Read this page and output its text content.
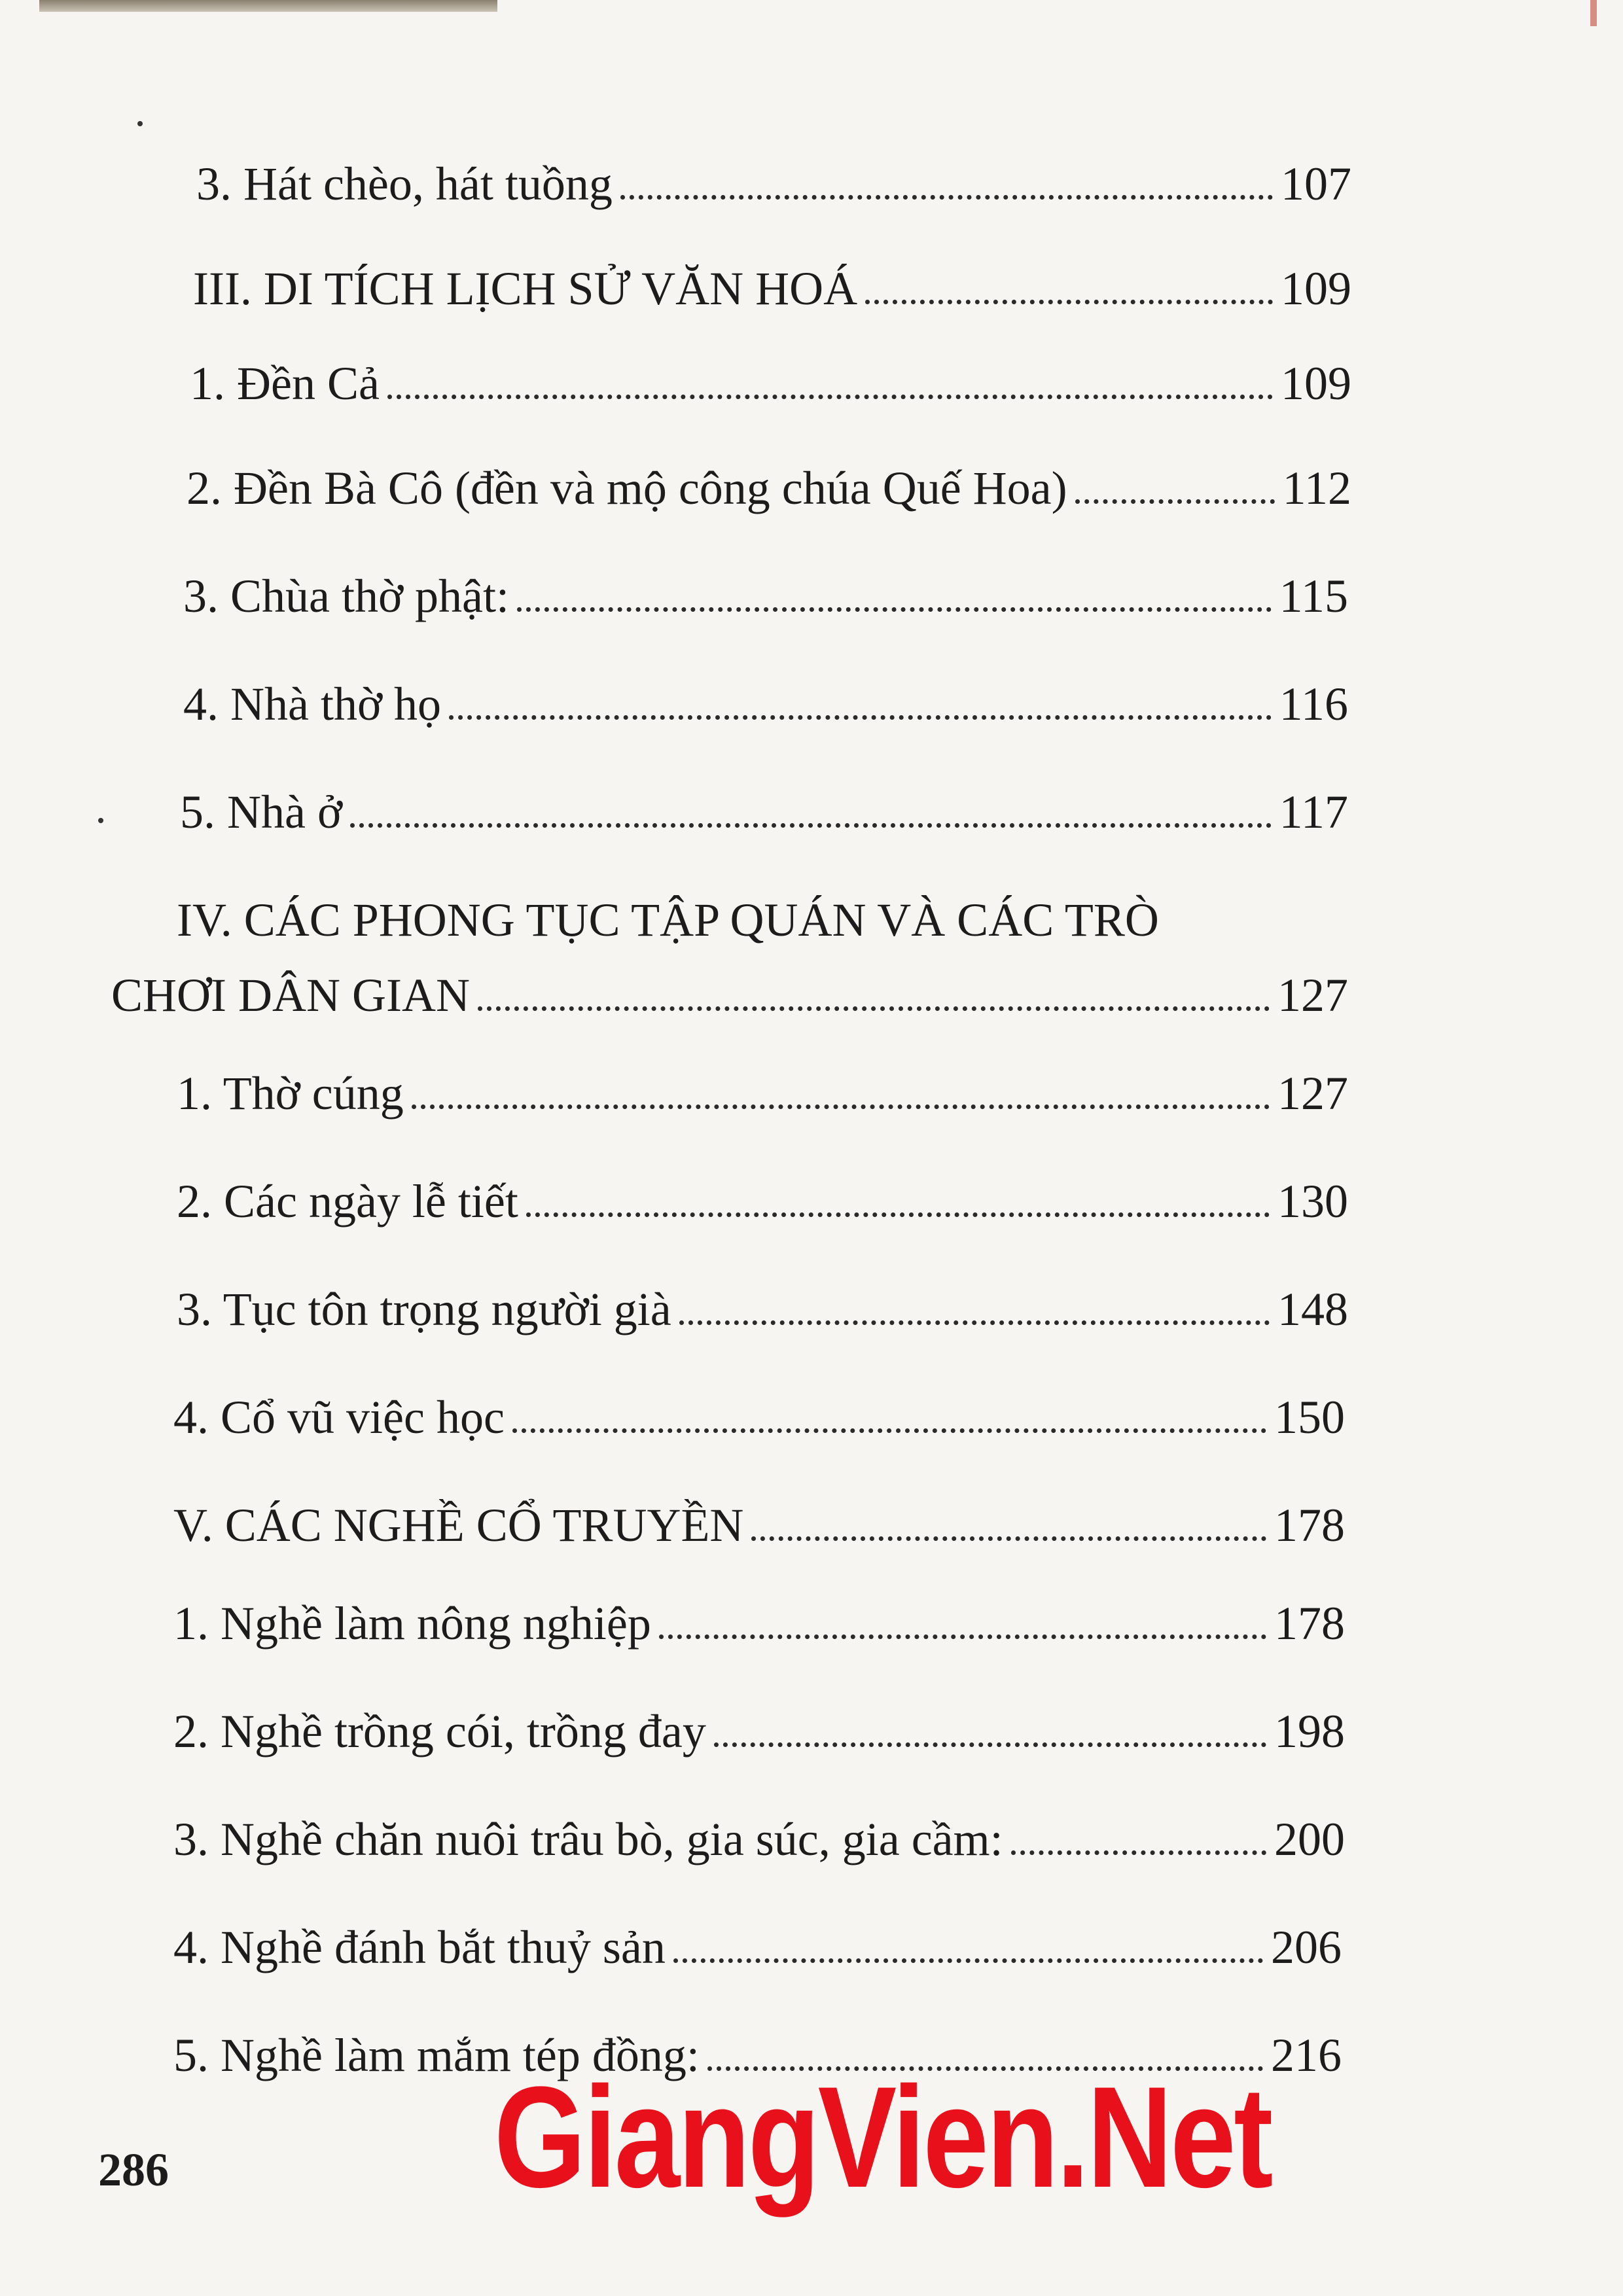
3. Hát chèo, hát tuồng	107
III. DI TÍCH LỊCH SỬ VĂN HOÁ	109
1. Đền Cả	109
2. Đền Bà Cô (đền và mộ công chúa Quế Hoa)	112
3. Chùa thờ phật:	115
4. Nhà thờ họ	116
5. Nhà ở	117
IV. CÁC PHONG TỤC TẬP QUÁN VÀ CÁC TRÒ
CHƠI DÂN GIAN	127
1. Thờ cúng	127
2. Các ngày lễ tiết	130
3. Tục tôn trọng người già	148
4. Cổ vũ việc học	150
V. CÁC NGHỀ CỔ TRUYỀN	178
1. Nghề làm nông nghiệp	178
2. Nghề trồng cói, trồng đay	198
3. Nghề chăn nuôi trâu bò, gia súc, gia cầm:	200
4. Nghề đánh bắt thuỷ sản	206
5. Nghề làm mắm tép đồng:	216
286 GiangVien.Net
